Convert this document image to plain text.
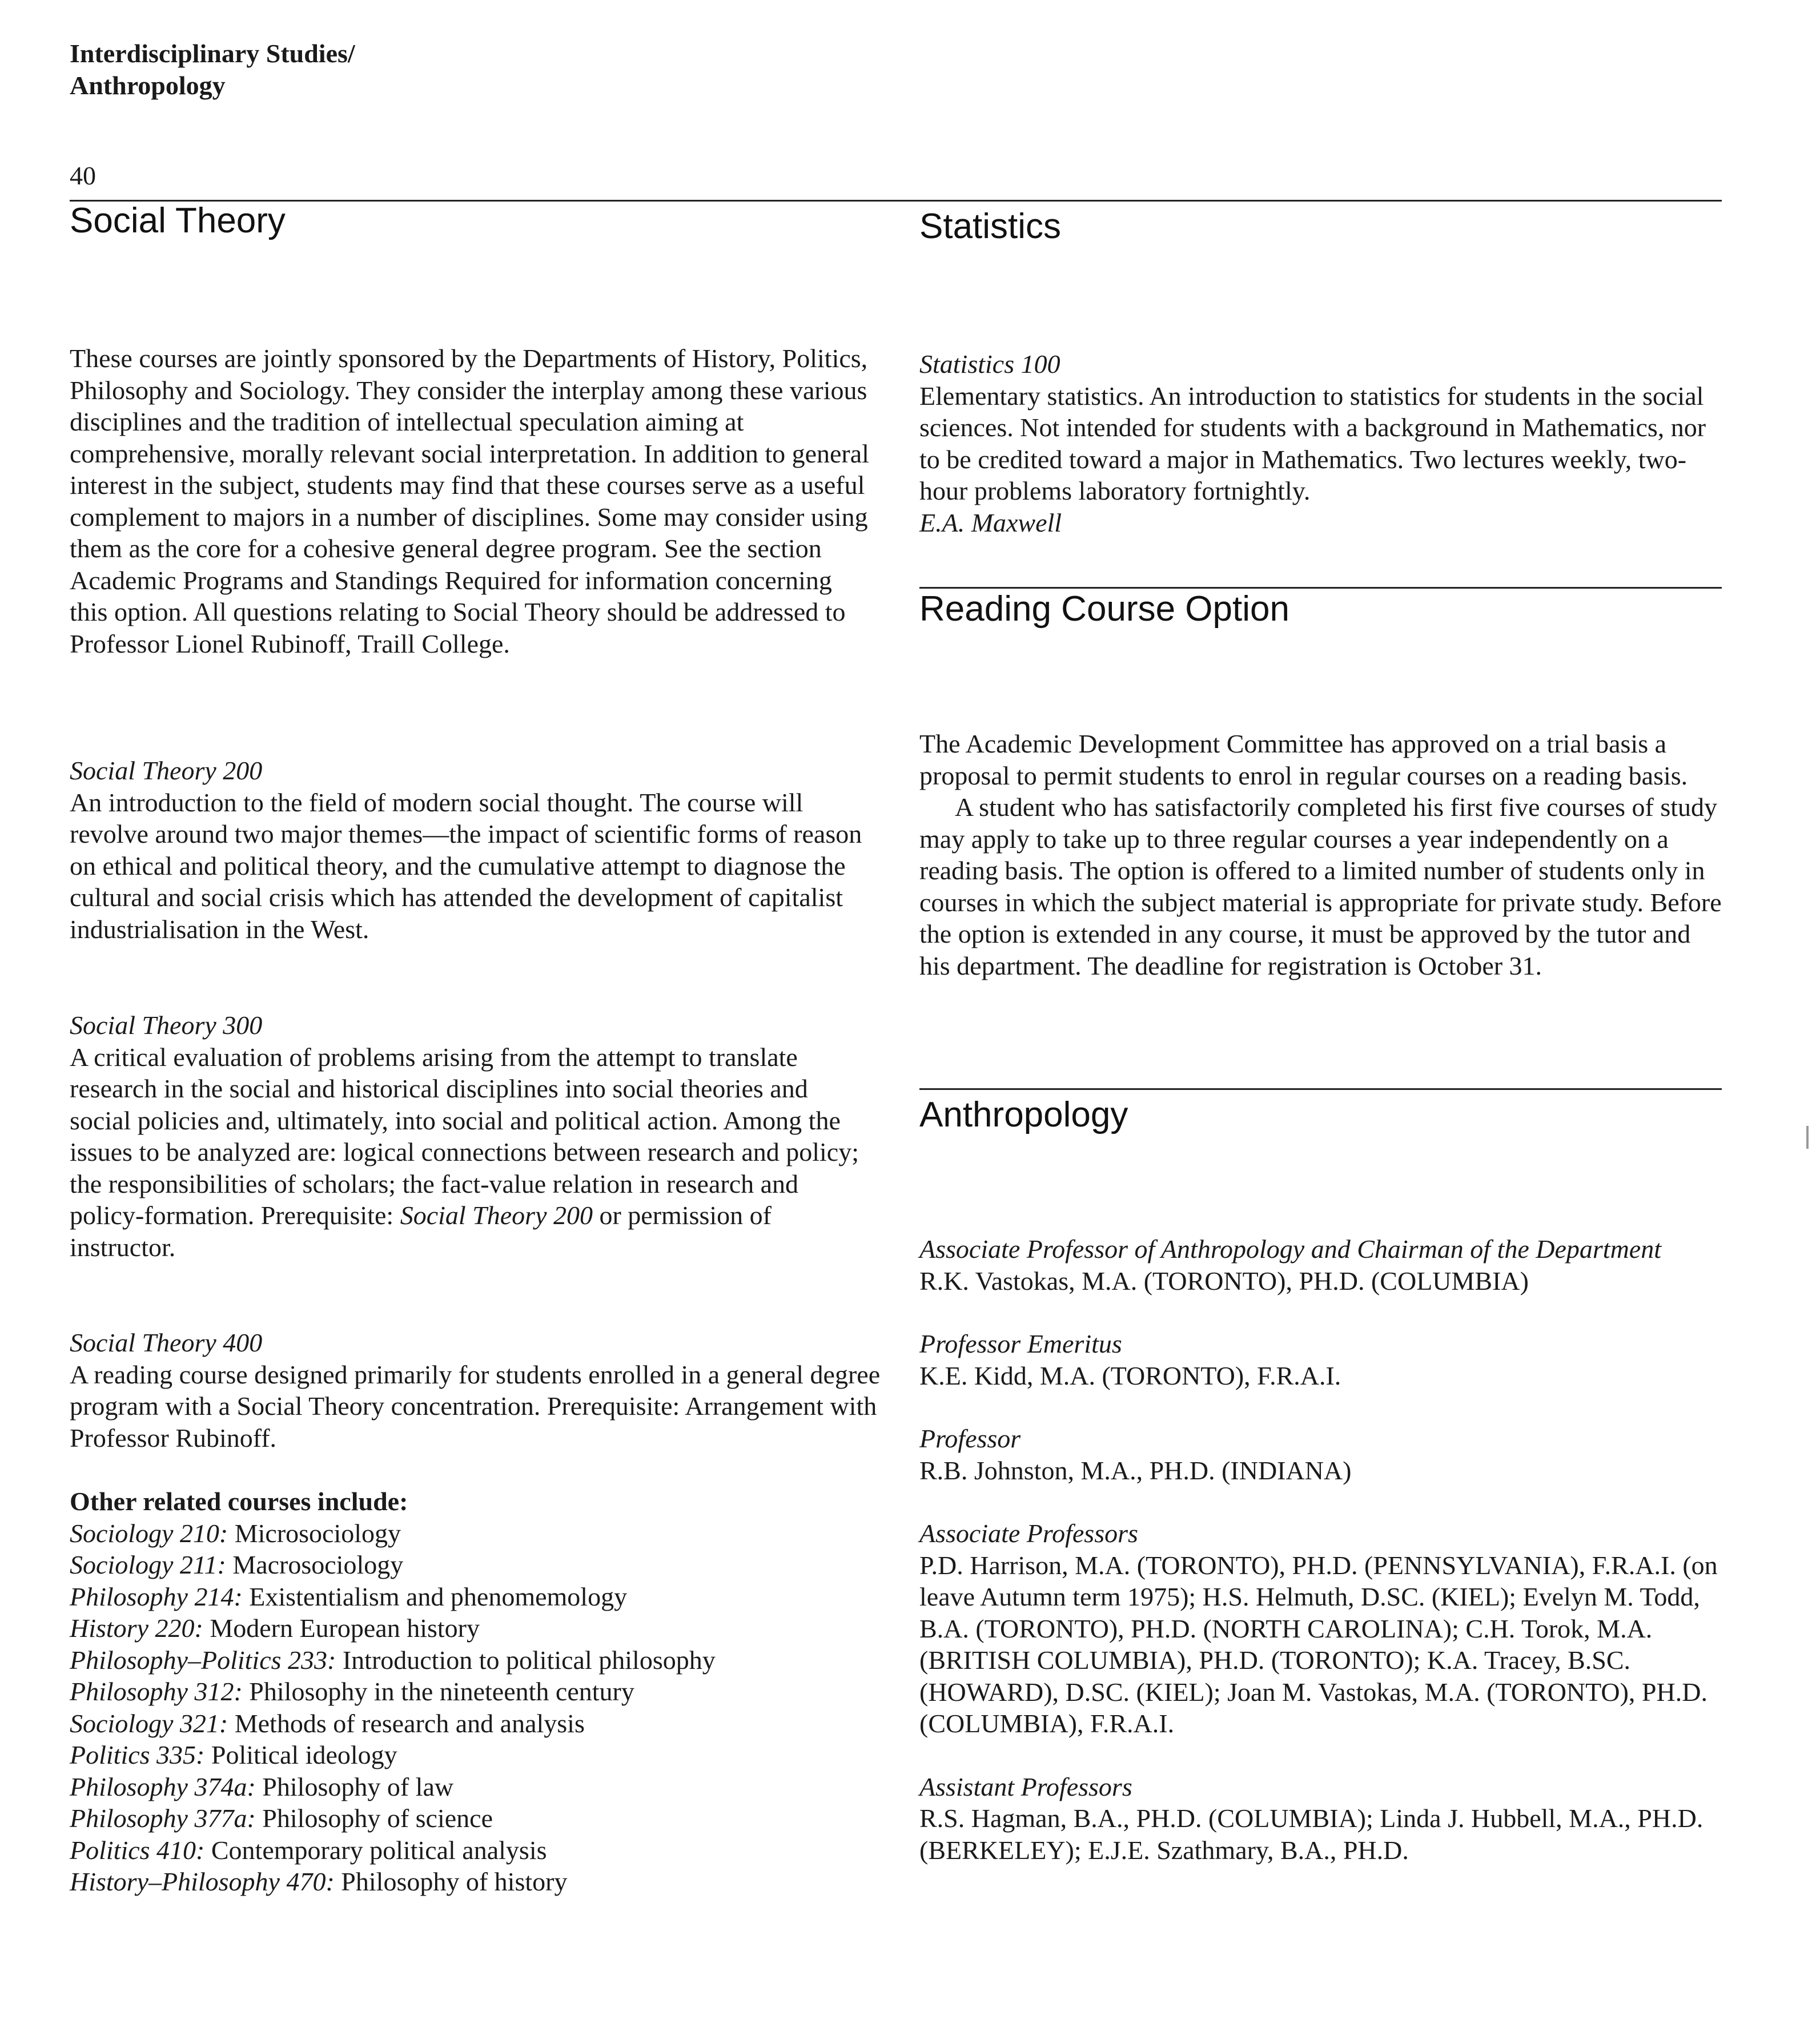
Interdisciplinary Studies/
Anthropology
40
Social Theory

These courses are jointly sponsored by the Departments of History, Politics, Philosophy and Sociology. They consider the interplay among these various disciplines and the tradition of intellectual speculation aiming at comprehensive, morally relevant social interpretation. In addition to general interest in the subject, students may find that these courses serve as a useful complement to majors in a number of disciplines. Some may consider using them as the core for a cohesive general degree program. See the section Academic Programs and Standings Required for information concerning this option. All questions relating to Social Theory should be addressed to Professor Lionel Rubinoff, Traill College.

Social Theory 200

An introduction to the field of modern social thought. The course will revolve around two major themes—the impact of scientific forms of reason on ethical and political theory, and the cumulative attempt to diagnose the cultural and social crisis which has attended the development of capitalist industrialisation in the West.

Social Theory 300

A critical evaluation of problems arising from the attempt to translate research in the social and historical disciplines into social theories and social policies and, ultimately, into social and political action. Among the issues to be analyzed are: logical connections between research and policy; the responsibilities of scholars; the fact-value relation in research and policy-formation. Prerequisite: Social Theory 200 or permission of instructor.

Social Theory 400

A reading course designed primarily for students enrolled in a general degree program with a Social Theory concentration. Prerequisite: Arrangement with Professor Rubinoff.

Other related courses include:
Sociology 210: Microsociology
Sociology 211: Macrosociology
Philosophy 214: Existentialism and phenomemology
History 220: Modern European history
Philosophy–Politics 233: Introduction to political philosophy
Philosophy 312: Philosophy in the nineteenth century
Sociology 321: Methods of research and analysis
Politics 335: Political ideology
Philosophy 374a: Philosophy of law
Philosophy 377a: Philosophy of science
Politics 410: Contemporary political analysis
History–Philosophy 470: Philosophy of history
Statistics

Statistics 100

Elementary statistics. An introduction to statistics for students in the social sciences. Not intended for students with a background in Mathematics, nor to be credited toward a major in Mathematics. Two lectures weekly, two-hour problems laboratory fortnightly.

E.A. Maxwell

Reading Course Option

The Academic Development Committee has approved on a trial basis a proposal to permit students to enrol in regular courses on a reading basis.

A student who has satisfactorily completed his first five courses of study may apply to take up to three regular courses a year independently on a reading basis. The option is offered to a limited number of students only in courses in which the subject material is appropriate for private study. Before the option is extended in any course, it must be approved by the tutor and his department. The deadline for registration is October 31.

Anthropology

Associate Professor of Anthropology and Chairman of the Department

R.K. Vastokas, M.A. (TORONTO), PH.D. (COLUMBIA)

Professor Emeritus

K.E. Kidd, M.A. (TORONTO), F.R.A.I.

Professor

R.B. Johnston, M.A., PH.D. (INDIANA)

Associate Professors

P.D. Harrison, M.A. (TORONTO), PH.D. (PENNSYLVANIA), F.R.A.I. (on leave Autumn term 1975); H.S. Helmuth, D.SC. (KIEL); Evelyn M. Todd, B.A. (TORONTO), PH.D. (NORTH CAROLINA); C.H. Torok, M.A. (BRITISH COLUMBIA), PH.D. (TORONTO); K.A. Tracey, B.SC. (HOWARD), D.SC. (KIEL); Joan M. Vastokas, M.A. (TORONTO), PH.D. (COLUMBIA), F.R.A.I.

Assistant Professors

R.S. Hagman, B.A., PH.D. (COLUMBIA); Linda J. Hubbell, M.A., PH.D. (BERKELEY); E.J.E. Szathmary, B.A., PH.D.
